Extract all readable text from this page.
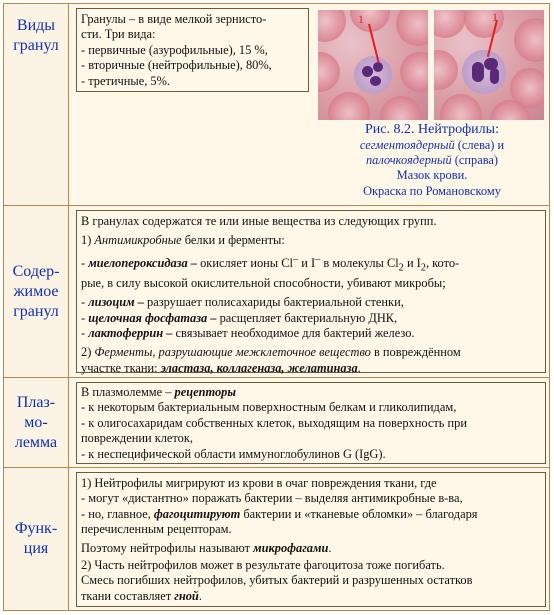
Виды
гранул
Гранулы – в виде мелкой зернисто-
сти. Три вида:
- первичные (азурофильные), 15 %,
- вторичные (нейтрофильные), 80%,
- третичные, 5%.
1	1
Рис. 8.2. Нейтрофилы:
сегментоядерный (слева) и
палочкоядерный (справа)
Мазок крови.
Окраска по Романовскому
Содер-
жимое
гранул
В гранулах содержатся те или иные вещества из следующих групп.
1) Антимикробные белки и ферменты:
- миелопероксидаза – окисляет ионы Cl– и I– в молекулы $Cl_2$ и $I_2$, кото-
рые, в силу высокой окислительной способности, убивают микробы;
- лизоцим – разрушает полисахариды бактериальной стенки,
- щелочная фосфатаза – расщепляет бактериальную ДНК,
- лактоферрин – связывает необходимое для бактерий железо.
2) Ферменты, разрушающие межклеточное вещество в повреждённом
участке ткани: эластаза, коллагеназа, желатиназа.
Плаз-
мо-
лемма
В плазмолемме – рецепторы
- к некоторым бактериальным поверхностным белкам и гликолипидам,
- к олигосахаридам собственных клеток, выходящим на поверхность при
повреждении клеток,
- к неспецифической области иммуноглобулинов G (IgG).
Функ-
ция
1) Нейтрофилы мигрируют из крови в очаг повреждения ткани, где
- могут «дистантно» поражать бактерии – выделяя антимикробные в-ва,
- но, главное, фагоцитируют бактерии и «тканевые обломки» – благодаря
перечисленным рецепторам.
Поэтому нейтрофилы называют микрофагами.
2) Часть нейтрофилов может в результате фагоцитоза тоже погибать.
Смесь погибших нейтрофилов, убитых бактерий и разрушенных остатков
ткани составляет гной.
